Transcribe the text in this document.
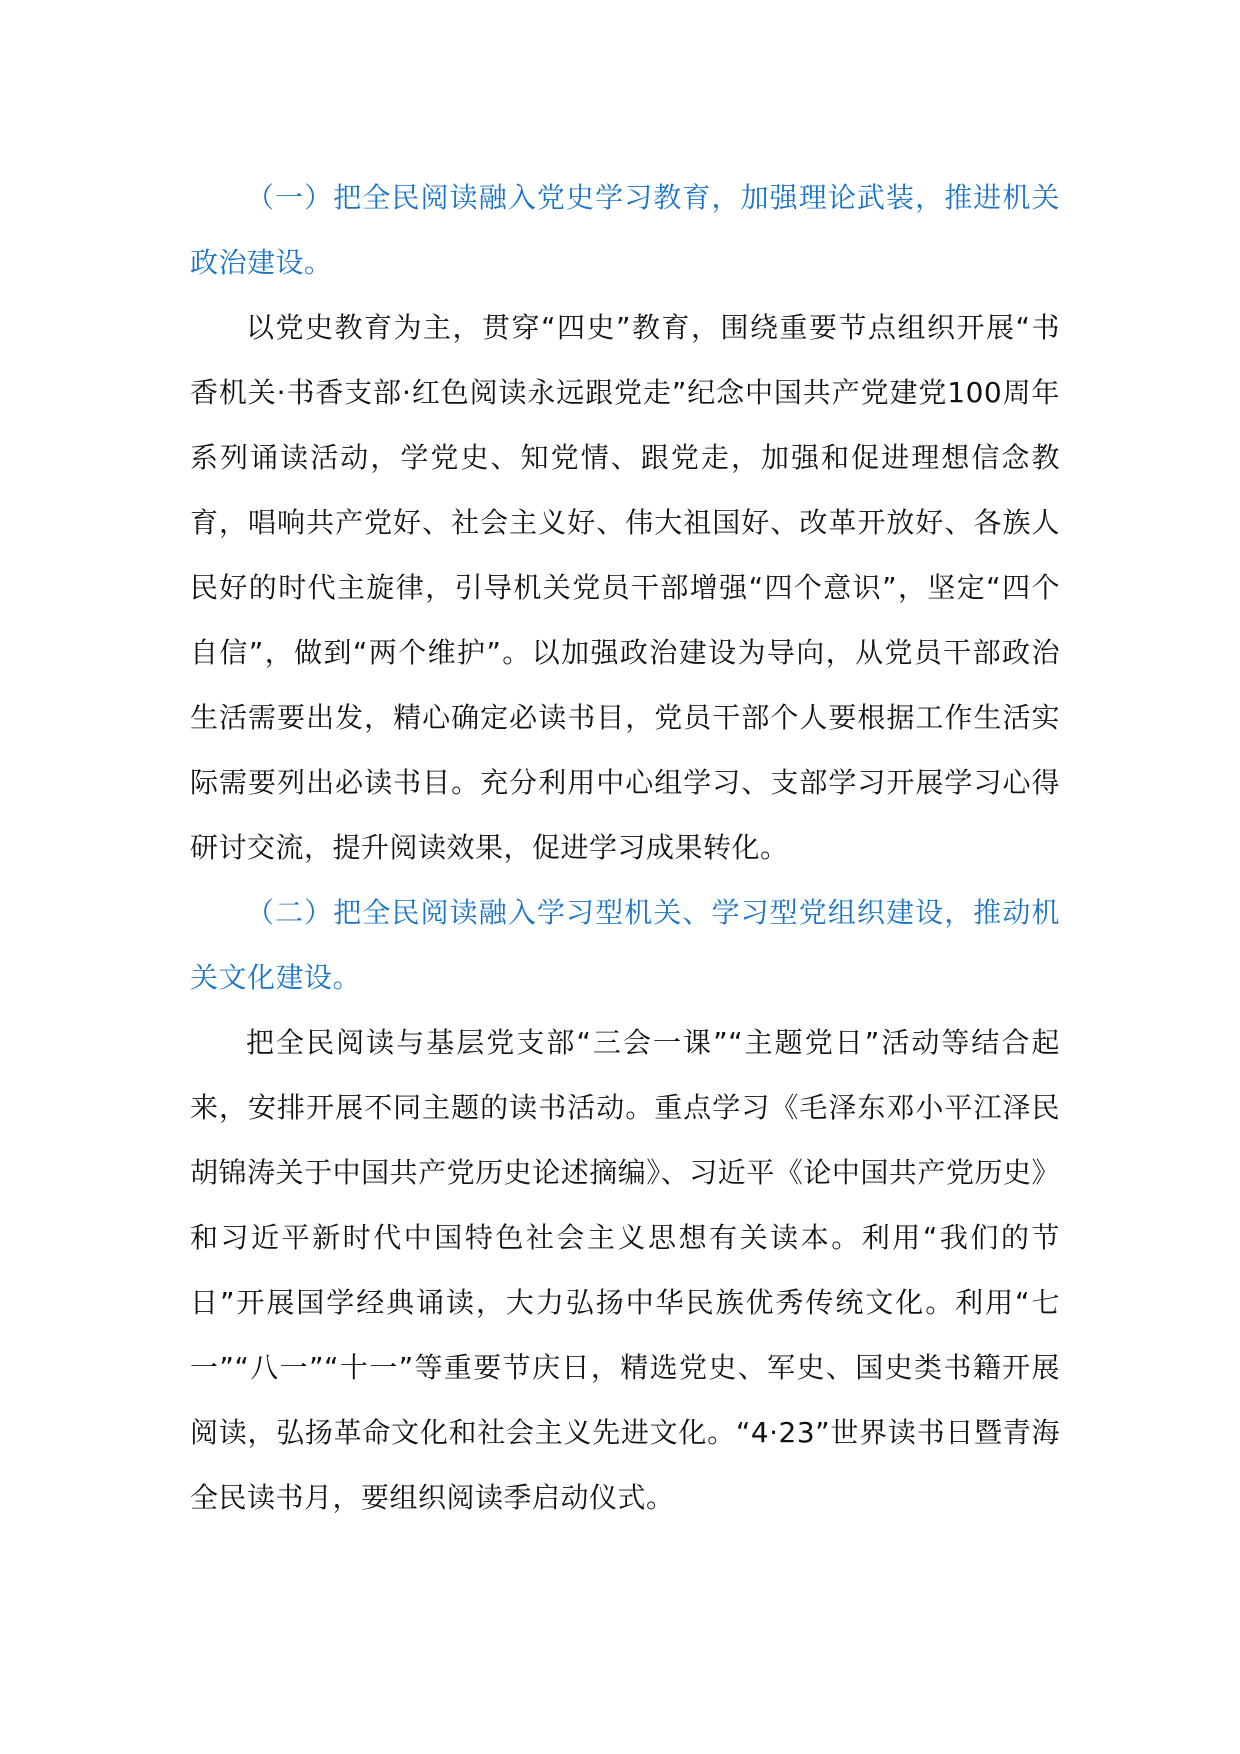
（一）把全民阅读融入党史学习教育，加强理论武装，推进机关政治建设。

以党史教育为主，贯穿“四史”教育，围绕重要节点组织开展“书香机关·书香支部·红色阅读永远跟党走”纪念中国共产党建党100周年系列诵读活动，学党史、知党情、跟党走，加强和促进理想信念教育，唱响共产党好、社会主义好、伟大祖国好、改革开放好、各族人民好的时代主旋律，引导机关党员干部增强“四个意识”，坚定“四个自信”，做到“两个维护”。以加强政治建设为导向，从党员干部政治生活需要出发，精心确定必读书目，党员干部个人要根据工作生活实际需要列出必读书目。充分利用中心组学习、支部学习开展学习心得研讨交流，提升阅读效果，促进学习成果转化。

（二）把全民阅读融入学习型机关、学习型党组织建设，推动机关文化建设。

把全民阅读与基层党支部“三会一课”“主题党日”活动等结合起来，安排开展不同主题的读书活动。重点学习《毛泽东邓小平江泽民胡锦涛关于中国共产党历史论述摘编》、习近平《论中国共产党历史》和习近平新时代中国特色社会主义思想有关读本。利用“我们的节日”开展国学经典诵读，大力弘扬中华民族优秀传统文化。利用“七一”“八一”“十一”等重要节庆日，精选党史、军史、国史类书籍开展阅读，弘扬革命文化和社会主义先进文化。“4·23”世界读书日暨青海全民读书月，要组织阅读季启动仪式。
